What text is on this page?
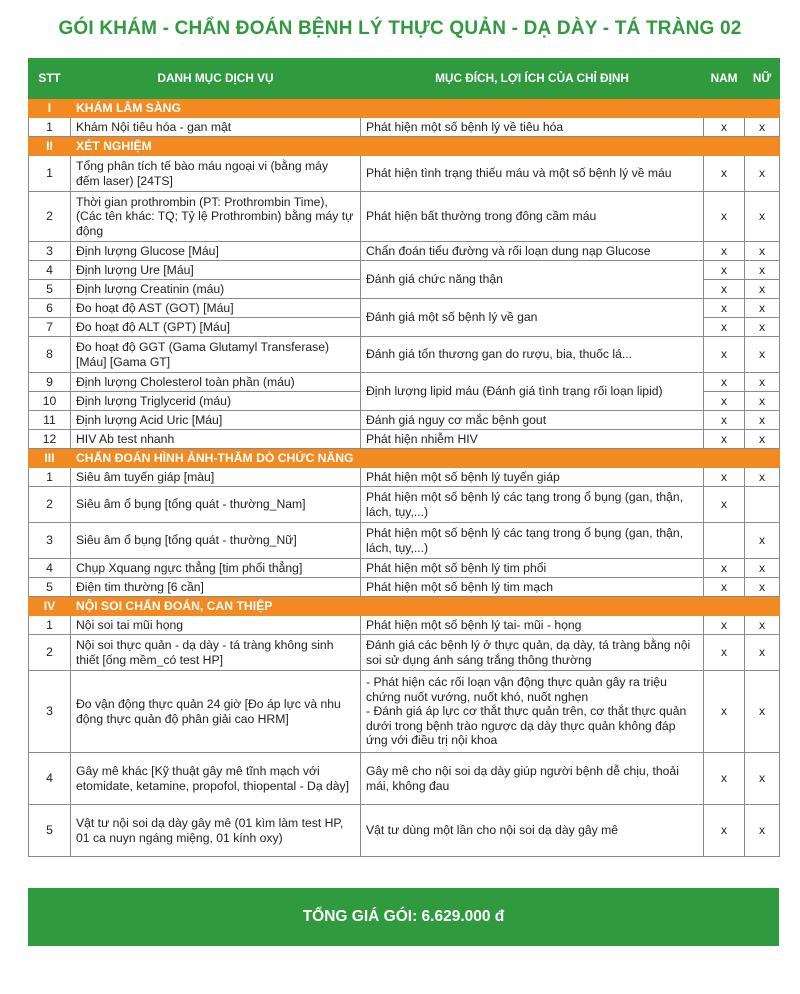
GÓI KHÁM - CHẨN ĐOÁN BỆNH LÝ THỰC QUẢN - DẠ DÀY - TÁ TRÀNG 02
STT	DANH MỤC DỊCH VỤ	MỤC ĐÍCH, LỢI ÍCH CỦA CHỈ ĐỊNH	NAM	NỮ
I	KHÁM LÂM SÀNG			
1	Khám Nội tiêu hóa - gan mật	Phát hiện một số bệnh lý về tiêu hóa	x	x
II	XÉT NGHIỆM			
1	Tổng phân tích tế bào máu ngoại vi (bằng máy đếm laser) [24TS]	Phát hiện tình trạng thiếu máu và một số bệnh lý về máu	x	x
2	Thời gian prothrombin (PT: Prothrombin Time), (Các tên khác: TQ; Tỷ lệ Prothrombin) bằng máy tự động	Phát hiện bất thường trong đông cầm máu	x	x
3	Định lượng Glucose [Máu]	Chẩn đoán tiểu đường và rối loạn dung nạp Glucose	x	x
4	Định lượng Ure [Máu]	Đánh giá chức năng thận	x	x
5	Định lượng Creatinin (máu)		x	x
6	Đo hoạt độ AST (GOT) [Máu]	Đánh giá một số bệnh lý về gan	x	x
7	Đo hoạt độ ALT (GPT) [Máu]		x	x
8	Đo hoạt độ GGT (Gama Glutamyl Transferase) [Máu] [Gama GT]	Đánh giá tổn thương gan do rượu, bia, thuốc lá...	x	x
9	Định lượng Cholesterol toàn phần (máu)	Định lượng lipid máu (Đánh giá tình trạng rối loạn lipid)	x	x
10	Định lượng Triglycerid (máu)		x	x
11	Định lượng Acid Uric [Máu]	Đánh giá nguy cơ mắc bệnh gout	x	x
12	HIV Ab test nhanh	Phát hiện nhiễm HIV	x	x
III	CHẨN ĐOÁN HÌNH ẢNH-THĂM DÒ CHỨC NĂNG			
1	Siêu âm tuyến giáp [màu]	Phát hiện một số bệnh lý tuyến giáp	x	x
2	Siêu âm ổ bụng [tổng quát - thường_Nam]	Phát hiện một số bệnh lý các tạng trong ổ bụng (gan, thận, lách, tụy,...)	x	
3	Siêu âm ổ bụng [tổng quát - thường_Nữ]	Phát hiện một số bệnh lý các tạng trong ổ bụng (gan, thận, lách, tụy,...)		x
4	Chụp Xquang ngực thẳng [tim phổi thẳng]	Phát hiện một số bệnh lý tim phổi	x	x
5	Điện tim thường [6 cần]	Phát hiện một số bệnh lý tim mạch	x	x
IV	NỘI SOI CHẨN ĐOÁN, CAN THIỆP			
1	Nội soi tai mũi họng	Phát hiện một số bệnh lý tai- mũi - họng	x	x
2	Nội soi thực quản - dạ dày - tá tràng không sinh thiết [ống mềm_có test HP]	Đánh giá các bệnh lý ở thực quản, dạ dày, tá tràng bằng nội soi sử dụng ánh sáng trắng thông thường	x	x
3	Đo vận động thực quản 24 giờ [Đo áp lực và nhu động thực quản độ phân giải cao HRM]	- Phát hiện các rối loạn vận động thực quản gây ra triệu chứng nuốt vướng, nuốt khó, nuốt nghẹn
- Đánh giá áp lực cơ thắt thực quản trên, cơ thắt thực quản dưới trong bệnh trào ngược dạ dày thực quản không đáp ứng với điều trị nội khoa	x	x
4	Gây mê khác [Kỹ thuật gây mê tĩnh mạch với etomidate, ketamine, propofol, thiopental - Dạ dày]	Gây mê cho nội soi dạ dày giúp người bệnh dễ chịu, thoải mái, không đau	x	x
5	Vật tư nội soi dạ dày gây mê (01 kìm làm test HP, 01 ca nuyn ngáng miệng, 01 kính oxy)	Vật tư dùng một lần cho nội soi dạ dày gây mê	x	x
TỔNG GIÁ GÓI: 6.629.000 đ
